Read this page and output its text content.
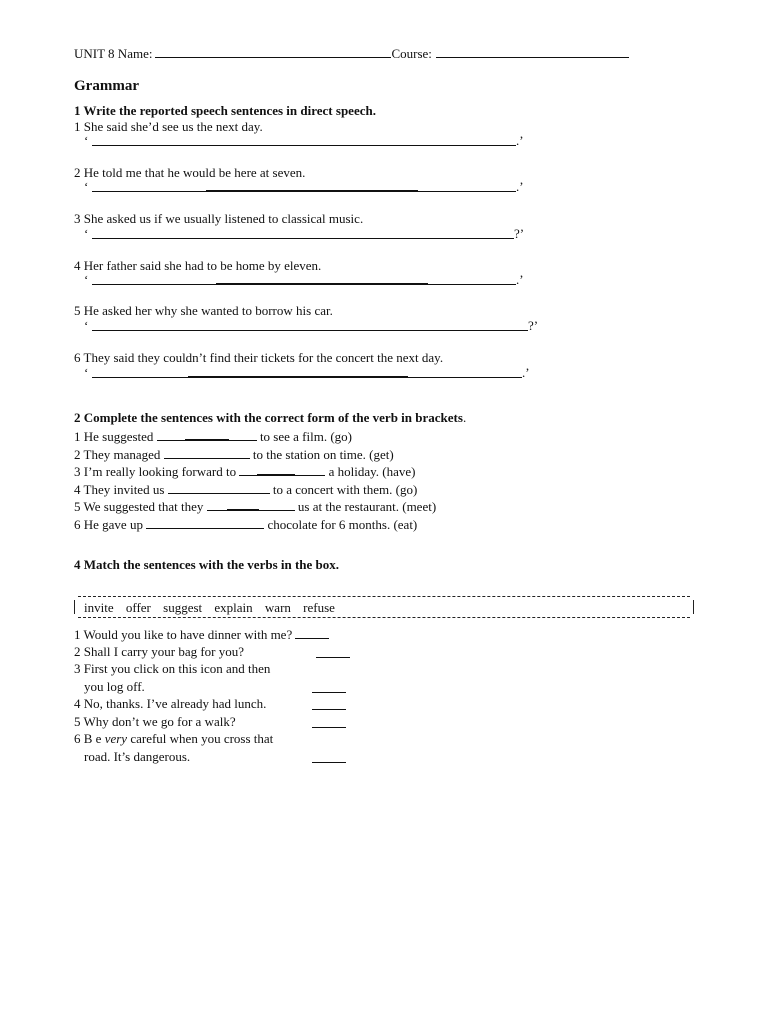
UNIT 8 Name:	Course:
Grammar
1 Write the reported speech sentences in direct speech.
1 She said she’d see us the next day.
‘	.’
2 He told me that he would be here at seven.
‘	.’
3 She asked us if we usually listened to classical music.
‘	?’
4 Her father said she had to be home by eleven.
‘	.’
5 He asked her why she wanted to borrow his car.
‘	?’
6 They said they couldn’t find their tickets for the concert the next day.
‘	.’
2 Complete the sentences with the correct form of the verb in brackets.
1 He suggested	to see a film. (go)
2 They managed	to the station on time. (get)
3 I’m really looking forward to	a holiday. (have)
4 They invited us	to a concert with them. (go)
5 We suggested that they	us at the restaurant. (meet)
6 He gave up	chocolate for 6 months. (eat)
4 Match the sentences with the verbs in the box.
invite offer suggest explain warn refuse
1 Would you like to have dinner with me?
2 Shall I carry your bag for you?
3 First you click on this icon and then
you log off.
4 No, thanks. I’ve already had lunch.
5 Why don’t we go for a walk?
6 B e very careful when you cross that
road. It’s dangerous.
